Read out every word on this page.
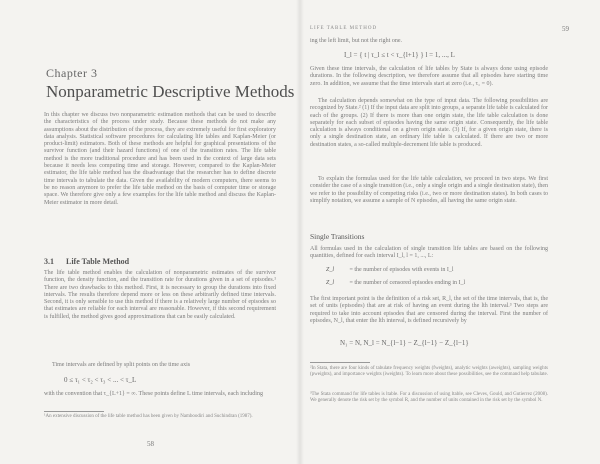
Chapter 3
Nonparametric Descriptive Methods

In this chapter we discuss two nonparametric estimation methods that can be used to describe the characteristics of the process under study. Because these methods do not make any assumptions about the distribution of the process, they are extremely useful for first exploratory data analysis. Statistical software procedures for calculating life tables and Kaplan-Meier (or product-limit) estimators. Both of these methods are helpful for graphical presentations of the survivor function (and their hazard functions) of one of the transition rates. The life table method is the more traditional procedure and has been used in the context of large data sets because it needs less computing time and storage. However, compared to the Kaplan-Meier estimator, the life table method has the disadvantage that the researcher has to define discrete time intervals to tabulate the data. Given the availability of modern computers, there seems to be no reason anymore to prefer the life table method on the basis of computer time or storage space. We therefore give only a few examples for the life table method and discuss the Kaplan-Meier estimator in more detail.

3.1 Life Table Method

The life table method enables the calculation of nonparametric estimates of the survivor function, the density function, and the transition rate for durations given in a set of episodes.¹ There are two drawbacks to this method. First, it is necessary to group the durations into fixed intervals. The results therefore depend more or less on these arbitrarily defined time intervals. Second, it is only sensible to use this method if there is a relatively large number of episodes so that estimates are reliable for each interval are reasonable. However, if this second requirement is fulfilled, the method gives good approximations that can be easily calculated.

Time intervals are defined by split points on the time axis

0 ≤ τ₁ < τ₂ < τ₃ < ... < τ_L

with the convention that τ_{L+1} = ∞. These points define L time intervals, each including

¹An extensive discussion of the life table method has been given by Namboodiri and Suchindran (1987).

58
LIFE TABLE METHOD	59

ing the left limit, but not the right one.

I_l = { t | τ_l ≤ t < τ_{l+1} } l = 1, ..., L

Given these time intervals, the calculation of life tables by State is always done using episode durations. In the following description, we therefore assume that all episodes have starting time zero. In addition, we assume that the time intervals start at zero (i.e., τ₁ = 0).

The calculation depends somewhat on the type of input data. The following possibilities are recognized by State.² (1) If the input data are split into groups, a separate life table is calculated for each of the groups. (2) If there is more than one origin state, the life table calculation is done separately for each subset of episodes having the same origin state. Consequently, the life table calculation is always conditional on a given origin state. (3) If, for a given origin state, there is only a single destination state, an ordinary life table is calculated. If there are two or more destination states, a so-called multiple-decrement life table is produced.

To explain the formulas used for the life table calculation, we proceed in two steps. We first consider the case of a single transition (i.e., only a single origin and a single destination state), then we refer to the possibility of competing risks (i.e., two or more destination states). In both cases to simplify notation, we assume a sample of N episodes, all having the same origin state.

Single Transitions

All formulas used in the calculation of single transition life tables are based on the following quantities, defined for each interval I_l, l = 1, ..., L:

Z_l	= the number of episodes with events in I_l
Z_l	= the number of censored episodes ending in I_l

The first important point is the definition of a risk set, R_l, the set of the time intervals, that is, the set of units (episodes) that are at risk of having an event during the lth interval.³ Two steps are required to take into account episodes that are censored during the interval. First the number of episodes, N_l, that enter the lth interval, is defined recursively by

N₁ = N, N_l = N_{l−1} − Z_{l−1} − Z_{l−1}

²In Stata, there are four kinds of tabulate frequency weights (fweights), analytic weights (aweights), sampling weights (pweights), and importance weights (iweights). To learn more about these possibilities, see the command help tabulate.

³The Stata command for life tables is ltable. For a discussion of using ltable, see Cleves, Gould, and Gutierrez (2008). We generally denote the risk set by the symbol R, and the number of units contained in the risk set by the symbol N.
